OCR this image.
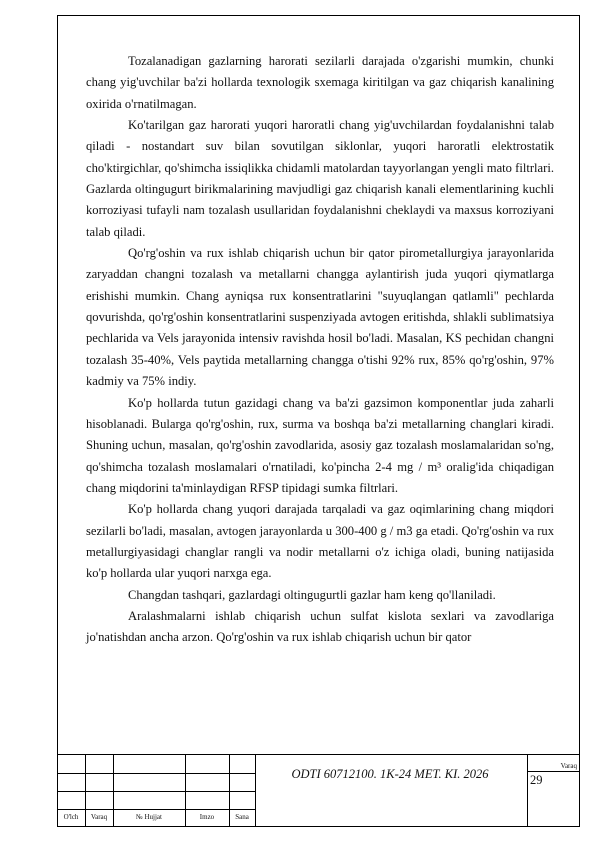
Tozalanadigan gazlarning harorati sezilarli darajada o'zgarishi mumkin, chunki chang yig'uvchilar ba'zi hollarda texnologik sxemaga kiritilgan va gaz chiqarish kanalining oxirida o'rnatilmagan.

Ko'tarilgan gaz harorati yuqori haroratli chang yig'uvchilardan foydalanishni talab qiladi - nostandart suv bilan sovutilgan siklonlar, yuqori haroratli elektrostatik cho'ktirgichlar, qo'shimcha issiqlikka chidamli matolardan tayyorlangan yengli mato filtrlari. Gazlarda oltingugurt birikmalarining mavjudligi gaz chiqarish kanali elementlarining kuchli korroziyasi tufayli nam tozalash usullaridan foydalanishni cheklaydi va maxsus korroziyani talab qiladi.

Qo'rg'oshin va rux ishlab chiqarish uchun bir qator pirometallurgiya jarayonlarida zaryaddan changni tozalash va metallarni changga aylantirish juda yuqori qiymatlarga erishishi mumkin. Chang ayniqsa rux konsentratlarini "suyuqlangan qatlamli" pechlarda qovurishda, qo'rg'oshin konsentratlarini suspenziyada avtogen eritishda, shlakli sublimatsiya pechlarida va Vels jarayonida intensiv ravishda hosil bo'ladi. Masalan, KS pechidan changni tozalash 35-40%, Vels paytida metallarning changga o'tishi 92% rux, 85% qo'rg'oshin, 97% kadmiy va 75% indiy.

Ko'p hollarda tutun gazidagi chang va ba'zi gazsimon komponentlar juda zaharli hisoblanadi. Bularga qo'rg'oshin, rux, surma va boshqa ba'zi metallarning changlari kiradi. Shuning uchun, masalan, qo'rg'oshin zavodlarida, asosiy gaz tozalash moslamalaridan so'ng, qo'shimcha tozalash moslamalari o'rnatiladi, ko'pincha 2-4 mg / m³ oralig'ida chiqadigan chang miqdorini ta'minlaydigan RFSP tipidagi sumka filtrlari.

Ko'p hollarda chang yuqori darajada tarqaladi va gaz oqimlarining chang miqdori sezilarli bo'ladi, masalan, avtogen jarayonlarda u 300-400 g / m3 ga etadi. Qo'rg'oshin va rux metallurgiyasidagi changlar rangli va nodir metallarni o'z ichiga oladi, buning natijasida ko'p hollarda ular yuqori narxga ega.

Changdan tashqari, gazlardagi oltingugurtli gazlar ham keng qo'llaniladi.

Aralashmalarni ishlab chiqarish uchun sulfat kislota sexlari va zavodlariga jo'natishdan ancha arzon. Qo'rg'oshin va rux ishlab chiqarish uchun bir qator

O'lch	Varaq	№ Hujjat	Imzo	Sana
ODTI 60712100. 1K-24 MET. KI. 2026
Varaq
29
